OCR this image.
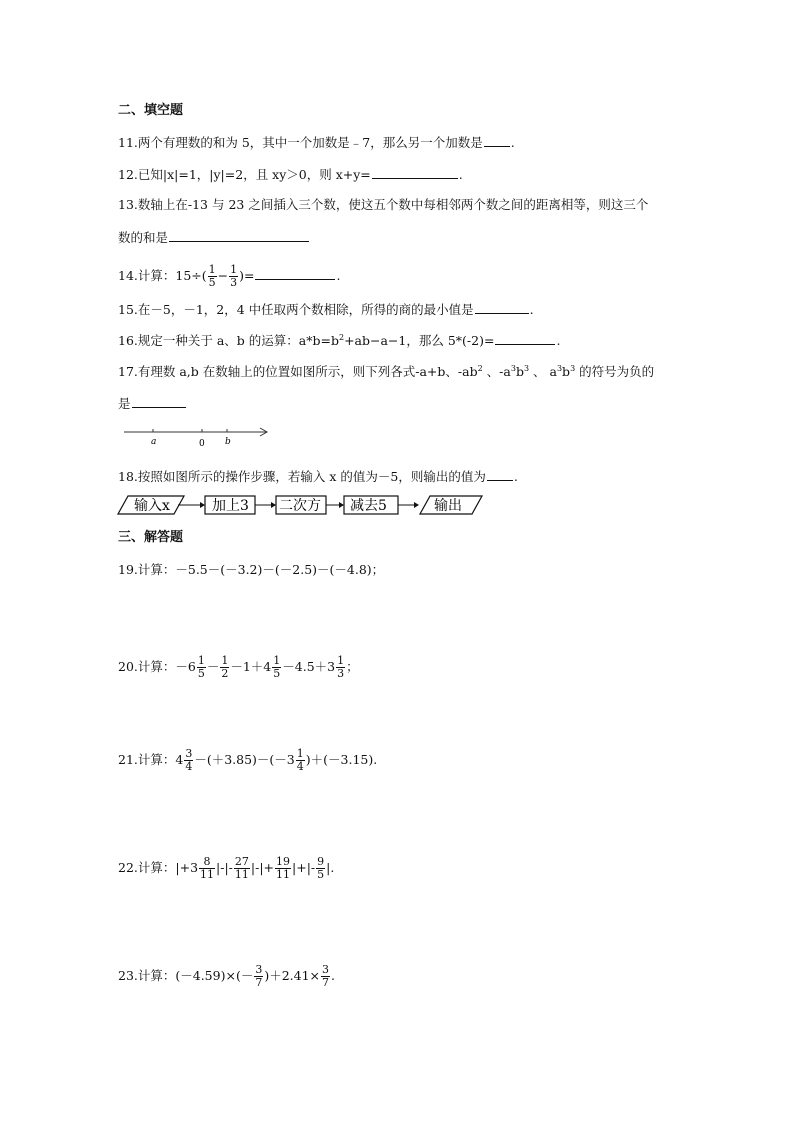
二、填空题
11.两个有理数的和为 5，其中一个加数是﹣7，那么另一个加数是 .
12.已知|x|=1，|y|=2，且 xy＞0，则 x+y=	.
13.数轴上在-13 与 23 之间插入三个数，使这五个数中每相邻两个数之间的距离相等，则这三个
数的和是
14.计算：$15\div( \frac{1}{5} - \frac{1}{3}$ )=	.
15.在－5，－1，2，4 中任取两个数相除，所得的商的最小值是	.
16.规定一种关于 a、b 的运算：$a*b=b^2+ab-a-1$，那么 5*(-2)=	.
17.有理数 a,b 在数轴上的位置如图所示，则下列各式-a+b、$-ab^2$ 、$-a^3b^3$ 、 $a^3b^3$ 的符号为负的
是
a	0 b
18.按照如图所示的操作步骤，若输入 x 的值为－5，则输出的值为 .
输入x	加上3 二次方 减去5	输出
三、解答题
19.计算：－5.5－(－3.2)－(－2.5)－(－4.8)；
20.计算：$-6 \frac{1}{5} - \frac{1}{2} -1+4 \frac{1}{5} -4.5+3 \frac{1}{3}$ ；
21.计算：$4 \frac{3}{4} -(+3.85)-(-3 \frac{1}{4} )+(-3.15)$.
22.计算：$|+3 \frac{8}{11}$ |-|- $\frac{27}{11}$ |-|+ $\frac{19}{11}$ |+|- $\frac{9}{5}$ |.
23.计算：$(-4.59)\times(- \frac{3}{7} )+2.41\times \frac{3}{7}$ .
